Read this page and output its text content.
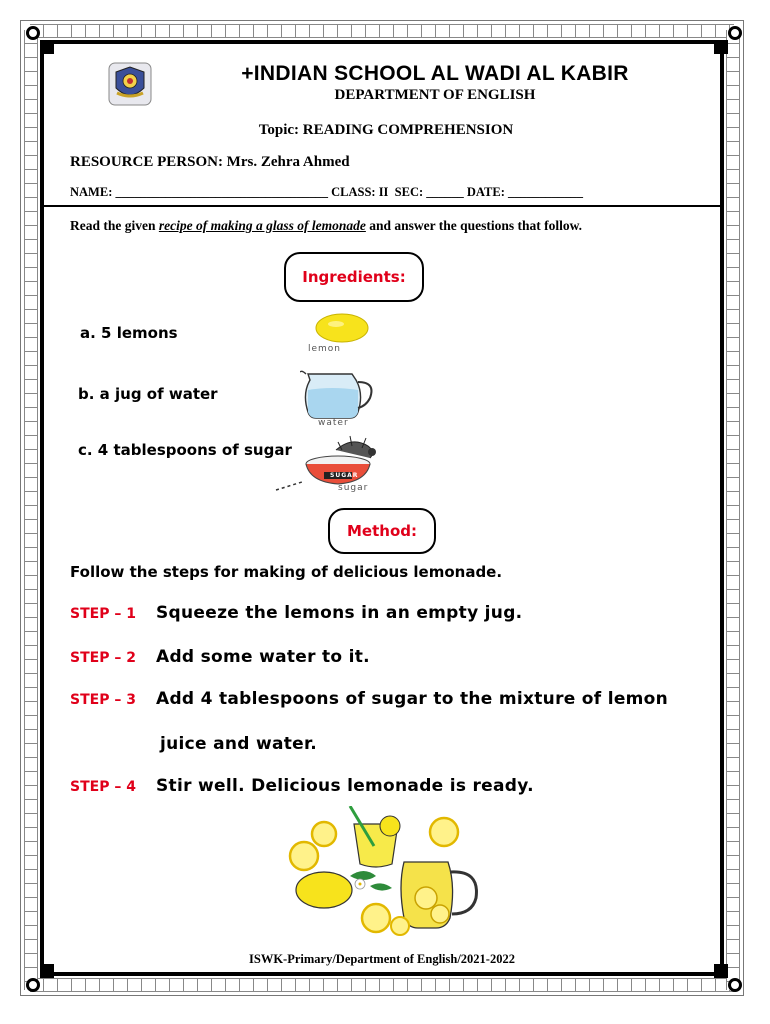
+INDIAN SCHOOL AL WADI AL KABIR
DEPARTMENT OF ENGLISH
Topic: READING COMPREHENSION
RESOURCE PERSON: Mrs. Zehra Ahmed
NAME: __________________________________ CLASS: II SEC: ______ DATE: ____________
Read the given recipe of making a glass of lemonade and answer the questions that follow.
Ingredients:
a. 5 lemons
lemon
b. a jug of water
water
c. 4 tablespoons of sugar
SUGAR
sugar
Method:
Follow the steps for making of delicious lemonade.
STEP – 1 Squeeze the lemons in an empty jug.
STEP – 2 Add some water to it.
STEP – 3 Add 4 tablespoons of sugar to the mixture of lemon
juice and water.
STEP – 4 Stir well. Delicious lemonade is ready.
ISWK-Primary/Department of English/2021-2022
